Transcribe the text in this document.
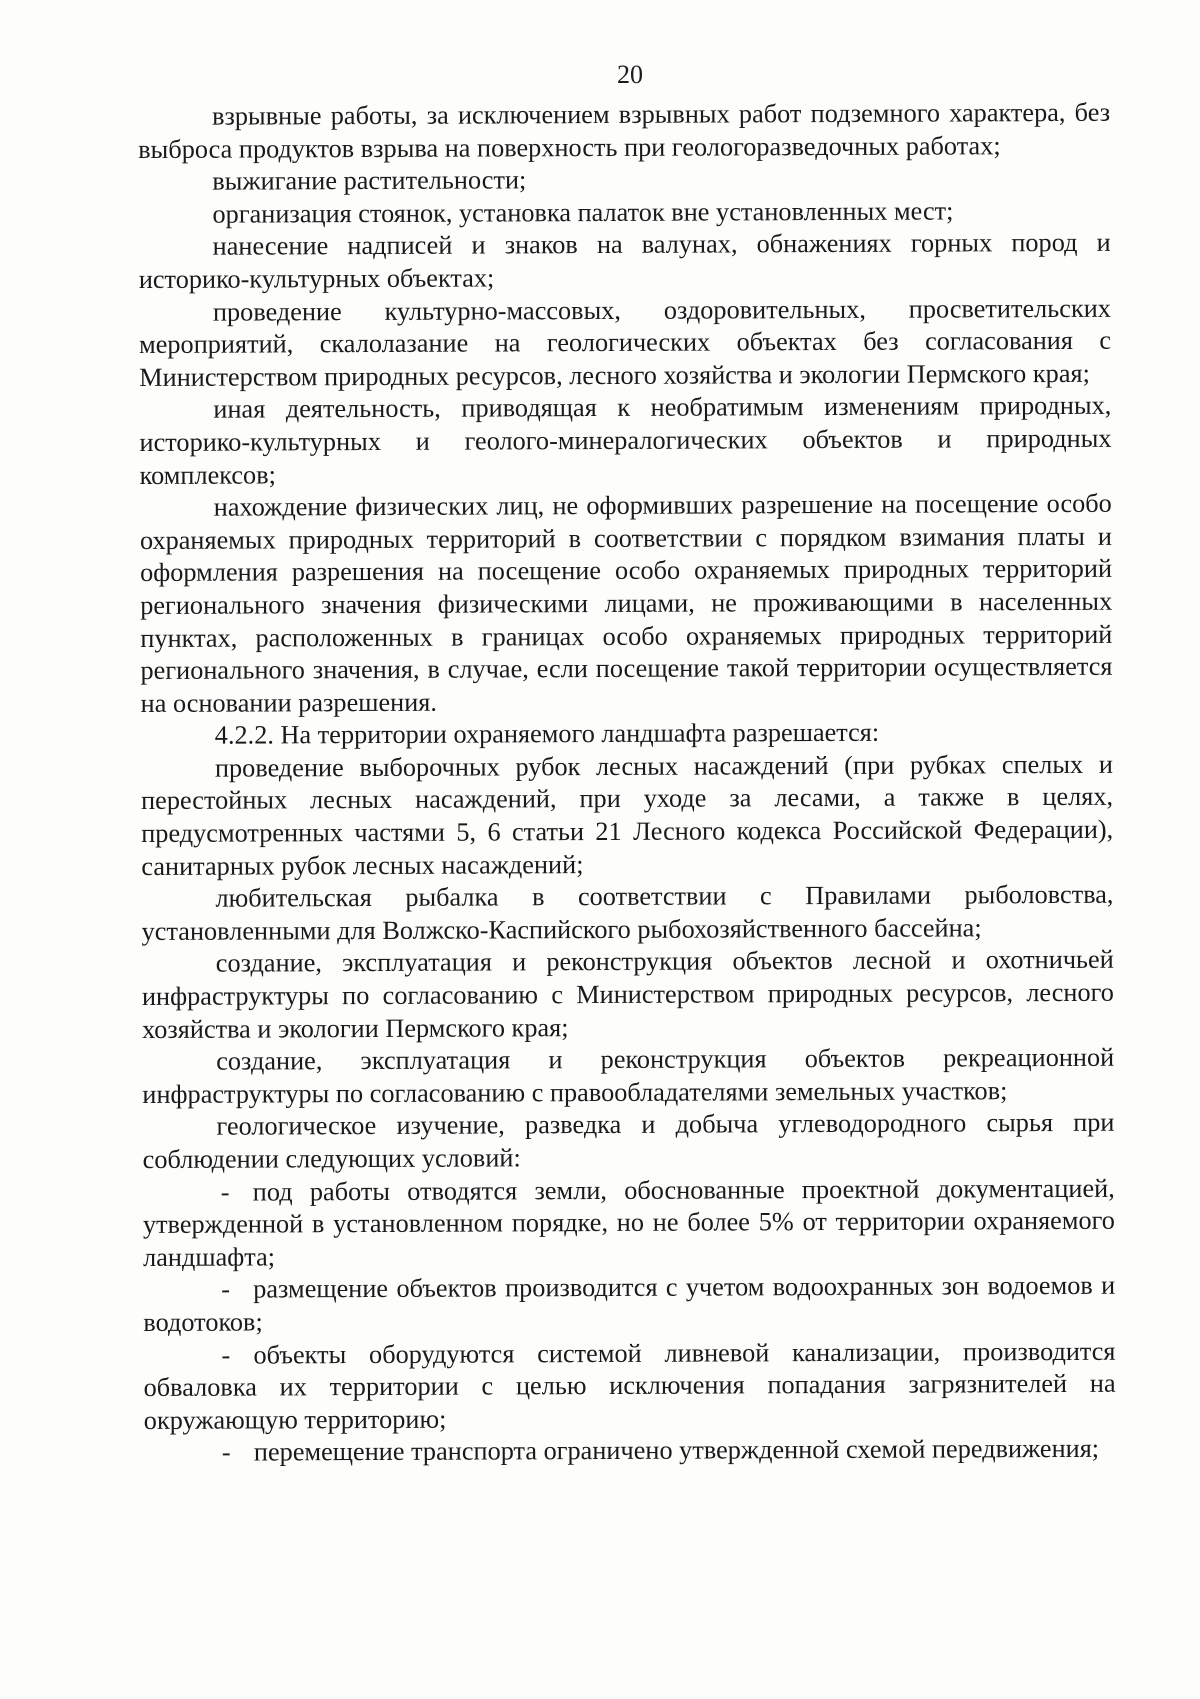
20

взрывные работы, за исключением взрывных работ подземного характера, без выброса продуктов взрыва на поверхность при геологоразведочных работах;

выжигание растительности;

организация стоянок, установка палаток вне установленных мест;

нанесение надписей и знаков на валунах, обнажениях горных пород и историко-культурных объектах;

проведение культурно-массовых, оздоровительных, просветительских мероприятий, скалолазание на геологических объектах без согласования с Министерством природных ресурсов, лесного хозяйства и экологии Пермского края;

иная деятельность, приводящая к необратимым изменениям природных, историко-культурных и геолого-минералогических объектов и природных комплексов;

нахождение физических лиц, не оформивших разрешение на посещение особо охраняемых природных территорий в соответствии с порядком взимания платы и оформления разрешения на посещение особо охраняемых природных территорий регионального значения физическими лицами, не проживающими в населенных пунктах, расположенных в границах особо охраняемых природных территорий регионального значения, в случае, если посещение такой территории осуществляется на основании разрешения.

4.2.2. На территории охраняемого ландшафта разрешается:

проведение выборочных рубок лесных насаждений (при рубках спелых и перестойных лесных насаждений, при уходе за лесами, а также в целях, предусмотренных частями 5, 6 статьи 21 Лесного кодекса Российской Федерации), санитарных рубок лесных насаждений;

любительская рыбалка в соответствии с Правилами рыболовства, установленными для Волжско-Каспийского рыбохозяйственного бассейна;

создание, эксплуатация и реконструкция объектов лесной и охотничьей инфраструктуры по согласованию с Министерством природных ресурсов, лесного хозяйства и экологии Пермского края;

создание, эксплуатация и реконструкция объектов рекреационной инфраструктуры по согласованию с правообладателями земельных участков;

геологическое изучение, разведка и добыча углеводородного сырья при соблюдении следующих условий:

- под работы отводятся земли, обоснованные проектной документацией, утвержденной в установленном порядке, но не более 5% от территории охраняемого ландшафта;

- размещение объектов производится с учетом водоохранных зон водоемов и водотоков;

- объекты оборудуются системой ливневой канализации, производится обваловка их территории с целью исключения попадания загрязнителей на окружающую территорию;

- перемещение транспорта ограничено утвержденной схемой передвижения;
